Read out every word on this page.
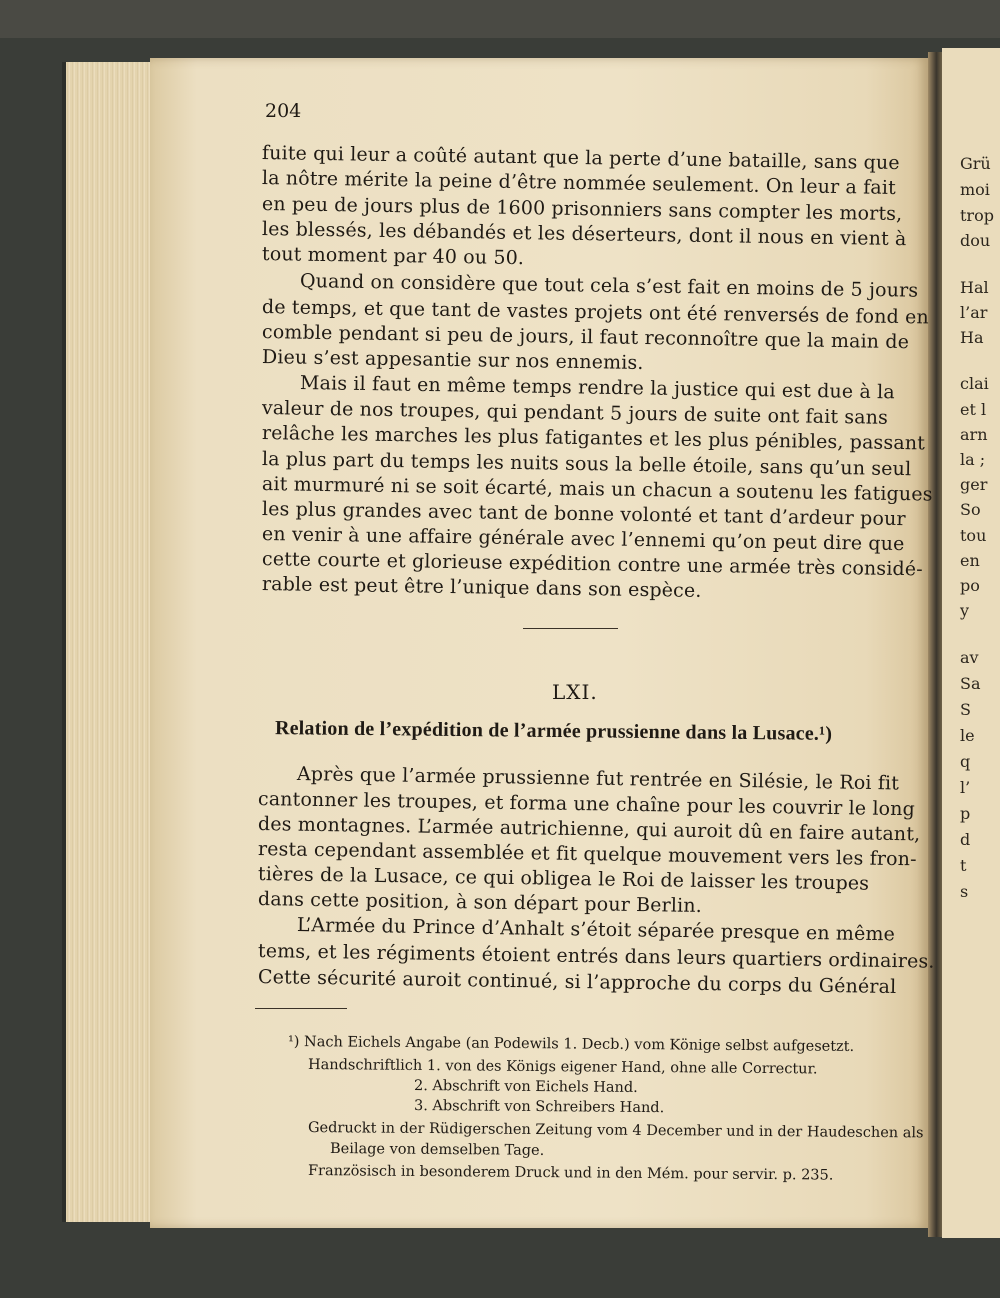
Grü
moi
trop
dou
Hal
l’ar
Ha
clai
et l
arn
la ;
ger
So
tou
en
po
y
av
Sa
S
le
q
l’
p
d
t
s
204
fuite qui leur a coûté autant que la perte d’une bataille, sans que
la nôtre mérite la peine d’être nommée seulement. On leur a fait
en peu de jours plus de 1600 prisonniers sans compter les morts,
les blessés, les débandés et les déserteurs, dont il nous en vient à
tout moment par 40 ou 50.
Quand on considère que tout cela s’est fait en moins de 5 jours
de temps, et que tant de vastes projets ont été renversés de fond en
comble pendant si peu de jours, il faut reconnoître que la main de
Dieu s’est appesantie sur nos ennemis.
Mais il faut en même temps rendre la justice qui est due à la
valeur de nos troupes, qui pendant 5 jours de suite ont fait sans
relâche les marches les plus fatigantes et les plus pénibles, passant
la plus part du temps les nuits sous la belle étoile, sans qu’un seul
ait murmuré ni se soit écarté, mais un chacun a soutenu les fatigues
les plus grandes avec tant de bonne volonté et tant d’ardeur pour
en venir à une affaire générale avec l’ennemi qu’on peut dire que
cette courte et glorieuse expédition contre une armée très considé-
rable est peut être l’unique dans son espèce.
LXI.
Relation de l’expédition de l’armée prussienne dans la Lusace.¹)
Après que l’armée prussienne fut rentrée en Silésie, le Roi fit
cantonner les troupes, et forma une chaîne pour les couvrir le long
des montagnes. L’armée autrichienne, qui auroit dû en faire autant,
resta cependant assemblée et fit quelque mouvement vers les fron-
tières de la Lusace, ce qui obligea le Roi de laisser les troupes
dans cette position, à son départ pour Berlin.
L’Armée du Prince d’Anhalt s’étoit séparée presque en même
tems, et les régiments étoient entrés dans leurs quartiers ordinaires.
Cette sécurité auroit continué, si l’approche du corps du Général
¹) Nach Eichels Angabe (an Podewils 1. Decb.) vom Könige selbst aufgesetzt.
Handschriftlich 1. von des Königs eigener Hand, ohne alle Correctur.
2. Abschrift von Eichels Hand.
3. Abschrift von Schreibers Hand.
Gedruckt in der Rüdigerschen Zeitung vom 4 December und in der Haudeschen als
Beilage von demselben Tage.
Französisch in besonderem Druck und in den Mém. pour servir. p. 235.
